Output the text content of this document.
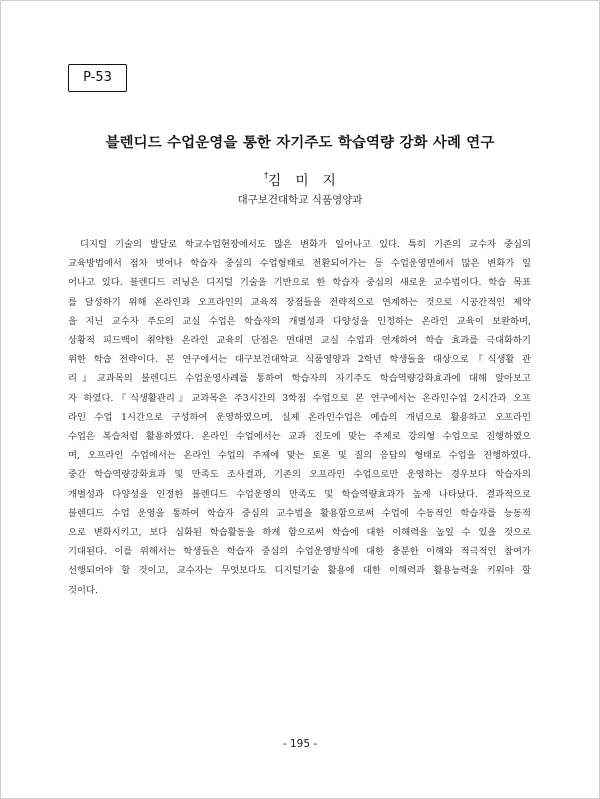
P-53
블렌디드 수업운영을 통한 자기주도 학습역량 강화 사례 연구
†김 미 지
대구보건대학교 식품영양과
디지털 기술의 발달로 학교수업현장에서도 많은 변화가 일어나고 있다. 특히 기존의 교수자 중심의
교육방법에서 점차 벗어나 학습자 중심의 수업형태로 전환되어가는 등 수업운영면에서 많은 변화가 일
어나고 있다. 블렌디드 러닝은 디지털 기술을 기반으로 한 학습자 중심의 새로운 교수법이다. 학습 목표
를 달성하기 위해 온라인과 오프라인의 교육적 장점들을 전략적으로 연계하는 것으로 시공간적인 제약
을 지닌 교수자 주도의 교실 수업은 학습자의 개별성과 다양성을 인정하는 온라인 교육이 보완하며,
상황적 피드백이 취약한 온라인 교육의 단점은 면대면 교실 수업과 연계하여 학습 효과를 극대화하기
위한 학습 전략이다. 본 연구에서는 대구보건대학교 식품영양과 2학년 학생들을 대상으로『식생활 관
리』교과목의 블렌디드 수업운영사례를 통하여 학습자의 자기주도 학습역량강화효과에 대해 알아보고
자 하였다.『식생활관리』교과목은 주3시간의 3학점 수업으로 본 연구에서는 온라인수업 2시간과 오프
라인 수업 1시간으로 구성하여 운영하였으며, 실제 온라인수업은 예습의 개념으로 활용하고 오프라인
수업은 복습처럼 활용하였다. 온라인 수업에서는 교과 진도에 맞는 주제로 강의형 수업으로 진행하였으
며, 오프라인 수업에서는 온라인 수업의 주제에 맞는 토론 및 질의 응답의 형태로 수업을 진행하였다.
중간 학습역량강화효과 및 만족도 조사결과, 기존의 오프라인 수업으로만 운영하는 경우보다 학습자의
개별성과 다양성을 인정한 블렌디드 수업운영의 만족도 및 학습역량효과가 높게 나타났다. 결과적으로
블렌디드 수업 운영을 통하여 학습자 중심의 교수법을 활용함으로써 수업에 수동적인 학습자를 능동적
으로 변화시키고, 보다 심화된 학습활동을 하게 함으로써 학습에 대한 이해력을 높일 수 있을 것으로
기대된다. 이를 위해서는 학생들은 학습자 중심의 수업운영방식에 대한 충분한 이해와 적극적인 참여가
선행되어야 할 것이고, 교수자는 무엇보다도 디지털기술 활용에 대한 이해력과 활용능력을 키워야 할
것이다.
- 195 -
